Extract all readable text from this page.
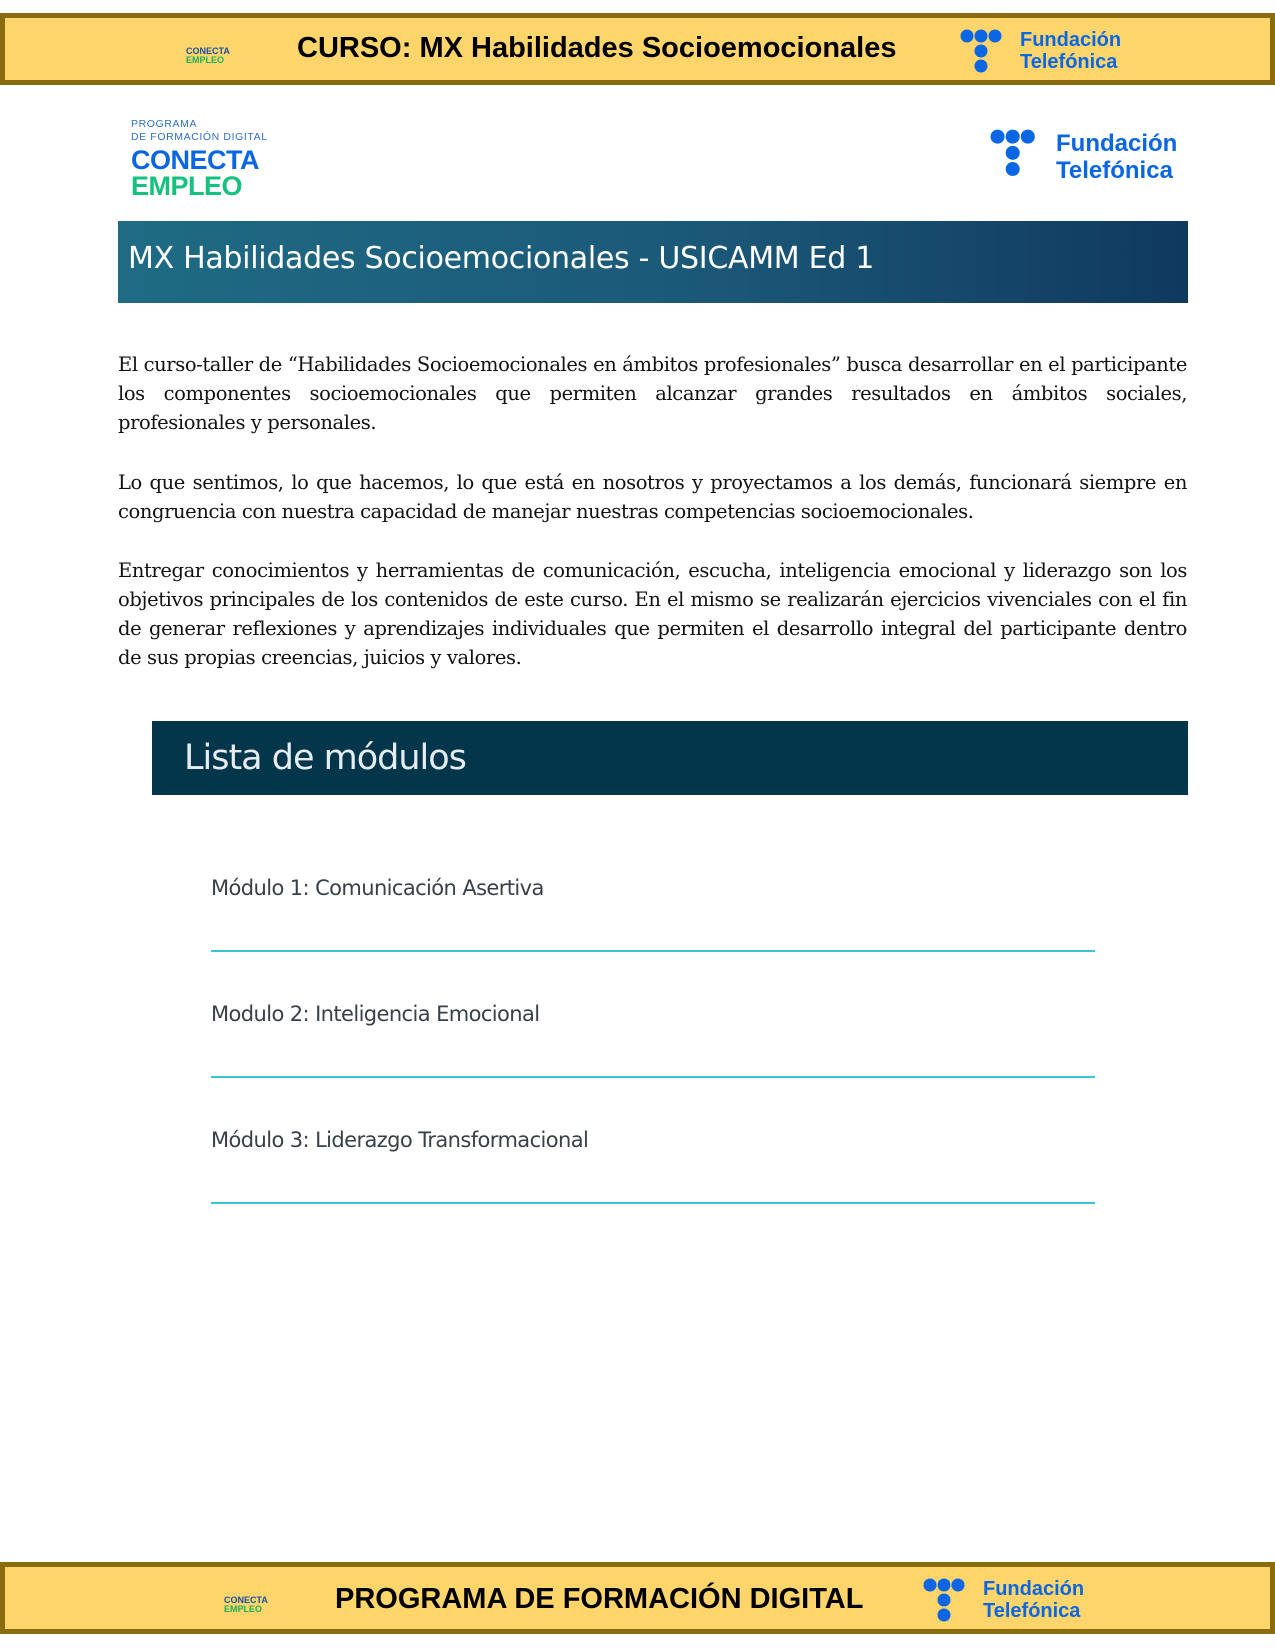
· · · · · · · · · · ·
CONECTA
EMPLEO	CURSO: MX Habilidades Socioemocionales	Fundación
Telefónica
PROGRAMA
DE FORMACIÓN DIGITAL
CONECTA
EMPLEO
Fundación
Telefónica
MX Habilidades Socioemocionales - USICAMM Ed 1

El curso-taller de “Habilidades Socioemocionales en ámbitos profesionales” busca desarrollar en el participante los componentes socioemocionales que permiten alcanzar grandes resultados en ámbitos sociales, profesionales y personales.

Lo que sentimos, lo que hacemos, lo que está en nosotros y proyectamos a los demás, funcionará siempre en congruencia con nuestra capacidad de manejar nuestras competencias socioemocionales.

Entregar conocimientos y herramientas de comunicación, escucha, inteligencia emocional y liderazgo son los objetivos principales de los contenidos de este curso. En el mismo se realizarán ejercicios vivenciales con el fin de generar reflexiones y aprendizajes individuales que permiten el desarrollo integral del participante dentro de sus propias creencias, juicios y valores.

Lista de módulos
Módulo 1: Comunicación Asertiva
Modulo 2: Inteligencia Emocional
Módulo 3: Liderazgo Transformacional
· · · · · · · · · · ·
CONECTA
EMPLEO	PROGRAMA DE FORMACIÓN DIGITAL	Fundación
Telefónica
